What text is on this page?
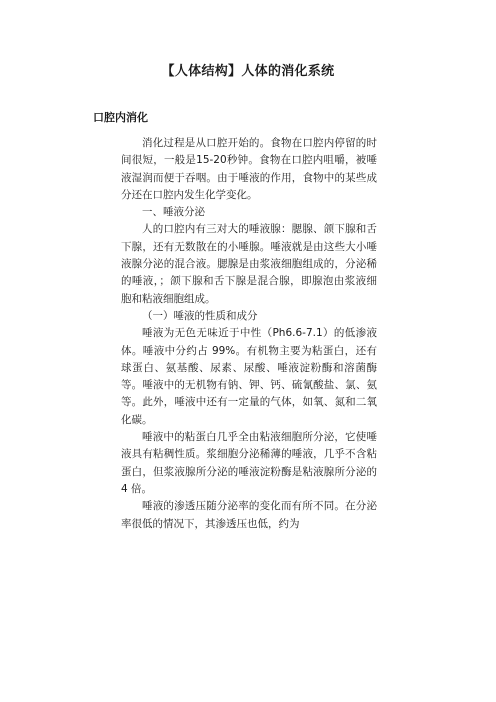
【人体结构】人体的消化系统
口腔内消化

消化过程是从口腔开始的。食物在口腔内停留的时间很短，一般是15-20秒钟。食物在口腔内咀嚼，被唾液湿润而便于吞咽。由于唾液的作用，食物中的某些成分还在口腔内发生化学变化。

一、唾液分泌

人的口腔内有三对大的唾液腺：腮腺、颌下腺和舌下腺，还有无数散在的小唾腺。唾液就是由这些大小唾液腺分泌的混合液。腮腺是由浆液细胞组成的，分泌稀的唾液，；颌下腺和舌下腺是混合腺，即腺泡由浆液细胞和粘液细胞组成。

（一）唾液的性质和成分

唾液为无色无味近于中性（Ph6.6-7.1）的低渗液体。唾液中分约占 99%。有机物主要为粘蛋白，还有球蛋白、氨基酸、尿素、尿酸、唾液淀粉酶和溶菌酶等。唾液中的无机物有钠、钾、钙、硫氰酸盐、氯、氨等。此外，唾液中还有一定量的气体，如氧、氮和二氧化碳。

唾液中的粘蛋白几乎全由粘液细胞所分泌，它使唾液具有粘稠性质。浆细胞分泌稀薄的唾液，几乎不含粘蛋白，但浆液腺所分泌的唾液淀粉酶是粘液腺所分泌的 4 倍。

唾液的渗透压随分泌率的变化而有所不同。在分泌率很低的情况下，其渗透压也低，约为
